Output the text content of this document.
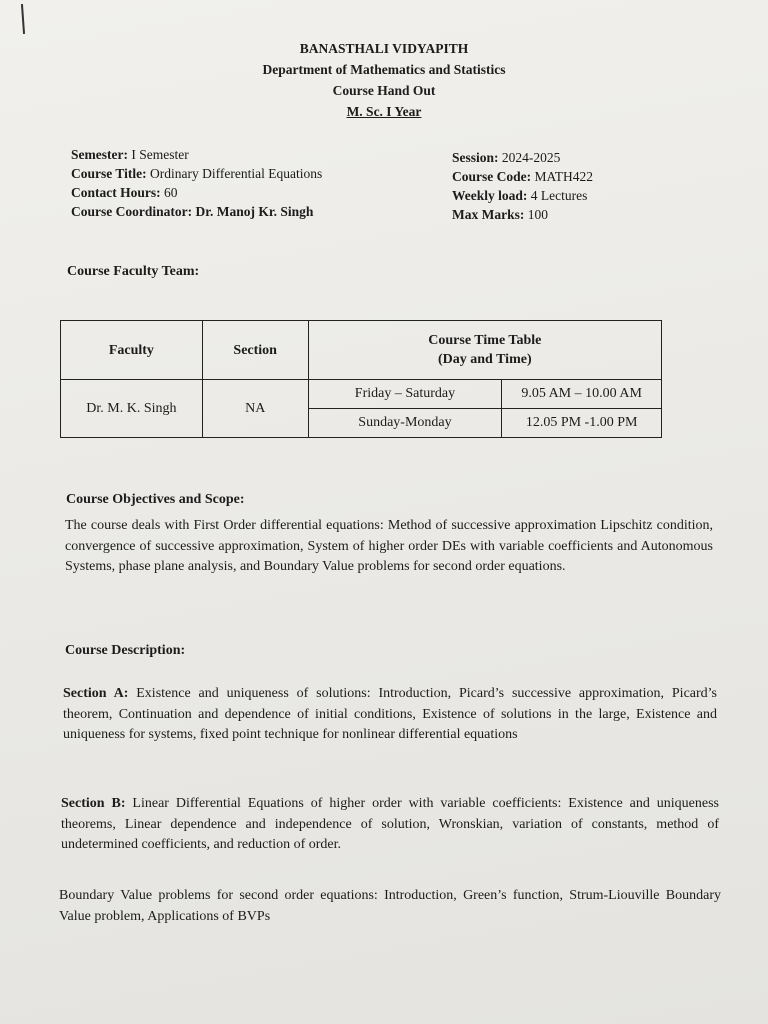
BANASTHALI VIDYAPITH
Department of Mathematics and Statistics
Course Hand Out
M. Sc. I Year
Semester: I Semester
Course Title: Ordinary Differential Equations
Contact Hours: 60
Course Coordinator: Dr. Manoj Kr. Singh
Session: 2024-2025
Course Code: MATH422
Weekly load: 4 Lectures
Max Marks: 100
Course Faculty Team:
Faculty	Section	Course Time Table
(Day and Time)	

Dr. M. K. Singh	NA	Friday – Saturday	9.05 AM – 10.00 AM
		Sunday-Monday	12.05 PM -1.00 PM
Course Objectives and Scope:
The course deals with First Order differential equations: Method of successive approximation Lipschitz condition, convergence of successive approximation, System of higher order DEs with variable coefficients and Autonomous Systems, phase plane analysis, and Boundary Value problems for second order equations.
Course Description:
Section A: Existence and uniqueness of solutions: Introduction, Picard’s successive approximation, Picard’s theorem, Continuation and dependence of initial conditions, Existence of solutions in the large, Existence and uniqueness for systems, fixed point technique for nonlinear differential equations
Section B: Linear Differential Equations of higher order with variable coefficients: Existence and uniqueness theorems, Linear dependence and independence of solution, Wronskian, variation of constants, method of undetermined coefficients, and reduction of order.
Boundary Value problems for second order equations: Introduction, Green’s function, Strum-Liouville Boundary Value problem, Applications of BVPs
